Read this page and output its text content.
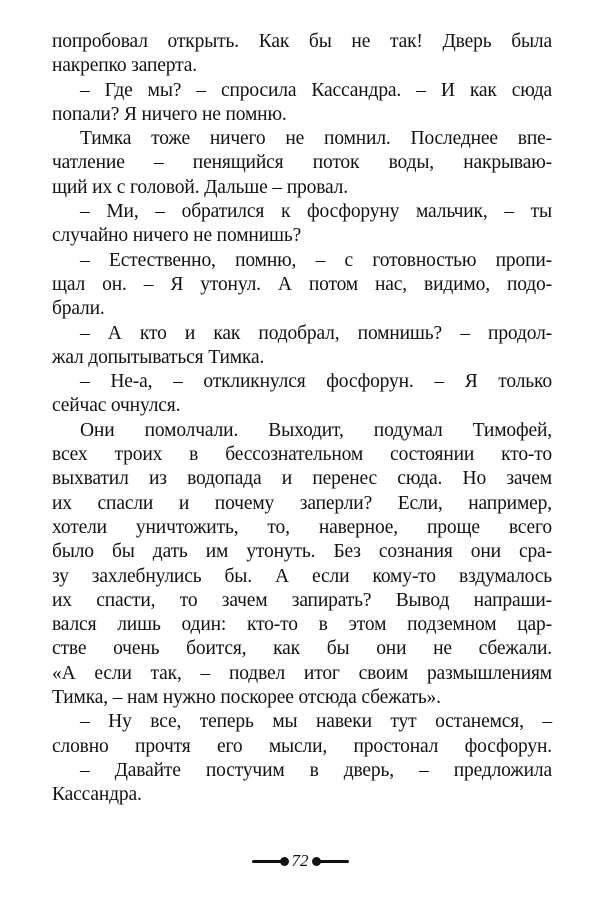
попробовал открыть. Как бы не так! Дверь была
накрепко заперта.
– Где мы? – спросила Кассандра. – И как сюда
попали? Я ничего не помню.
Тимка тоже ничего не помнил. Последнее впе-
чатление – пенящийся поток воды, накрываю-
щий их с головой. Дальше – провал.
– Ми, – обратился к фосфоруну мальчик, – ты
случайно ничего не помнишь?
– Естественно, помню, – с готовностью пропи-
щал он. – Я утонул. А потом нас, видимо, подо-
брали.
– А кто и как подобрал, помнишь? – продол-
жал допытываться Тимка.
– Не-а, – откликнулся фосфорун. – Я только
сейчас очнулся.
Они помолчали. Выходит, подумал Тимофей,
всех троих в бессознательном состоянии кто-то
выхватил из водопада и перенес сюда. Но зачем
их спасли и почему заперли? Если, например,
хотели уничтожить, то, наверное, проще всего
было бы дать им утонуть. Без сознания они сра-
зу захлебнулись бы. А если кому-то вздумалось
их спасти, то зачем запирать? Вывод напраши-
вался лишь один: кто-то в этом подземном цар-
стве очень боится, как бы они не сбежали.
«А если так, – подвел итог своим размышлениям
Тимка, – нам нужно поскорее отсюда сбежать».
– Ну все, теперь мы навеки тут останемся, –
словно прочтя его мысли, простонал фосфорун.
– Давайте постучим в дверь, – предложила
Кассандра.
72
